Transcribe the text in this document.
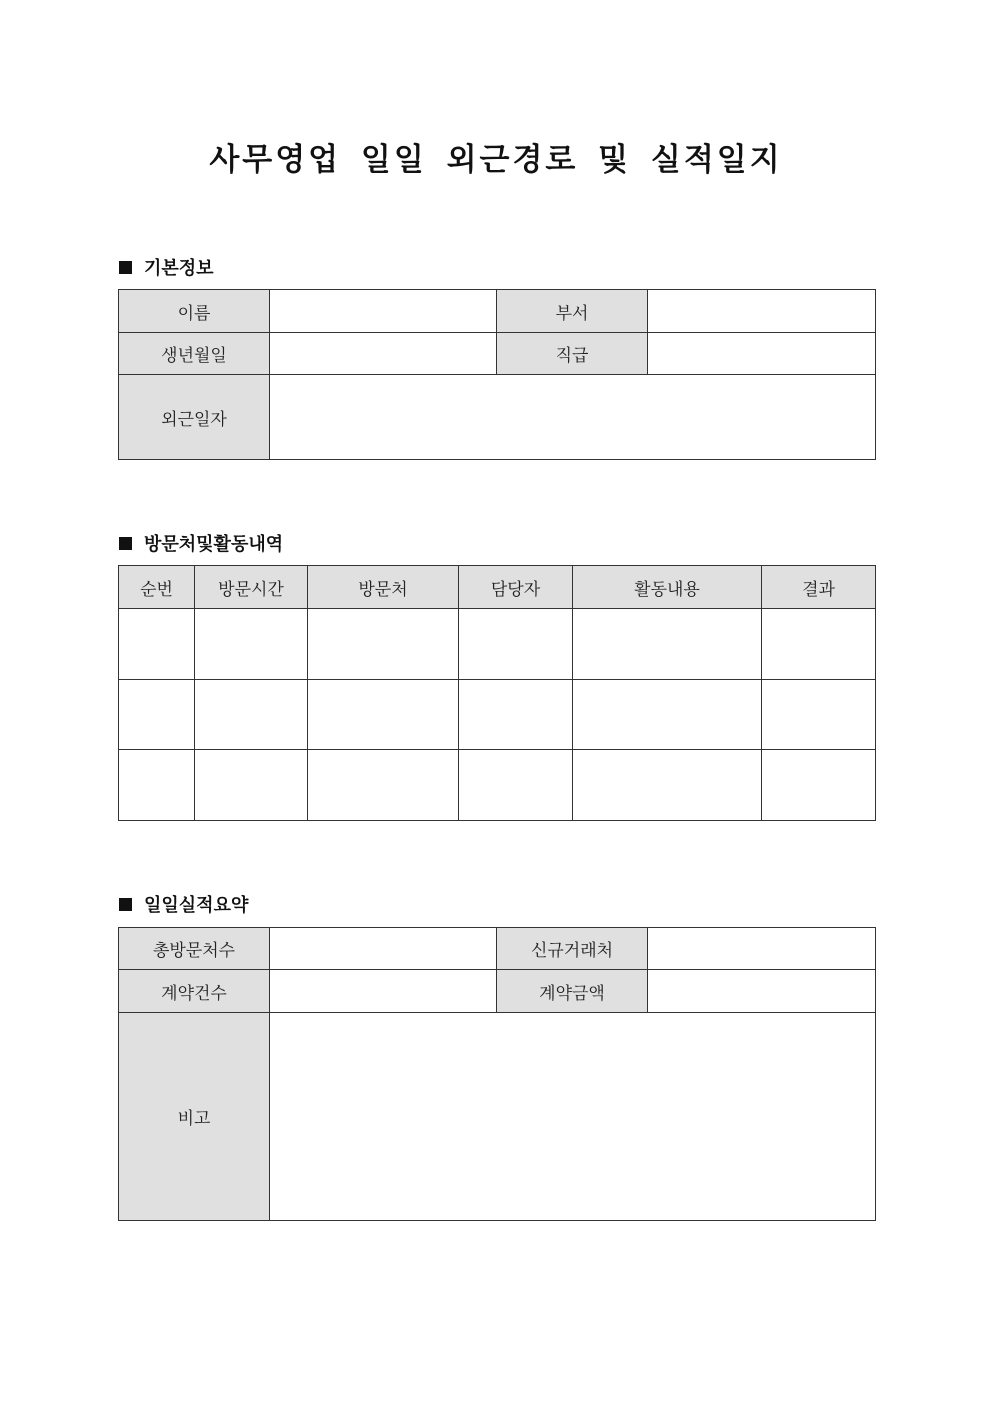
사무영업 일일 외근경로 및 실적일지
기본정보
이름		부서	
생년월일		직급	
외근일자			
방문처및활동내역
순번	방문시간	방문처	담당자	활동내용	결과

일일실적요약
총방문처수		신규거래처	
계약건수		계약금액	
비고			
